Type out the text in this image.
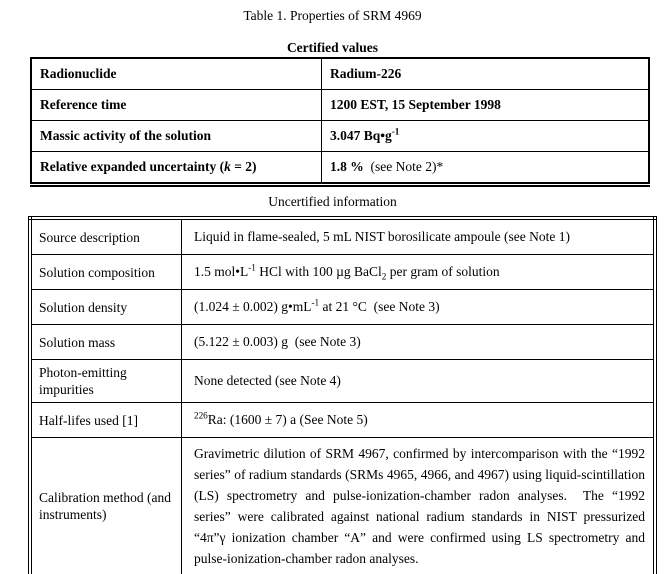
Table 1. Properties of SRM 4969
Certified values
Radionuclide	Radium-226
Reference time	1200 EST, 15 September 1998
Massic activity of the solution	3.047 $Bq•g^{-1}$
Relative expanded uncertainty (k = 2)	1.8 %  (see Note 2)*
Uncertified information
Source description	Liquid in flame-sealed, 5 mL NIST borosilicate ampoule (see Note 1)
Solution composition	1.5 $mol•L^{-1}$ HCl with 100 µg BaCl$_2$ per gram of solution
Solution density	(1.024 ± 0.002) $g•mL^{-1}$ at 21 °C  (see Note 3)
Solution mass	(5.122 ± 0.003) g  (see Note 3)
Photon-emitting impurities	None detected (see Note 4)
Half-lifes used [1]	$^{226}$Ra: (1600 ± 7) a (See Note 5)
Calibration method (and instruments)	Gravimetric dilution of SRM 4967, confirmed by intercomparison with the “1992 series” of radium standards (SRMs 4965, 4966, and 4967) using liquid-scintillation (LS) spectrometry and pulse-ionization-chamber radon analyses.  The “1992 series” were calibrated against national radium standards in NIST pressurized “4π”γ ionization chamber “A” and were confirmed using LS spectrometry and pulse-ionization-chamber radon analyses.
